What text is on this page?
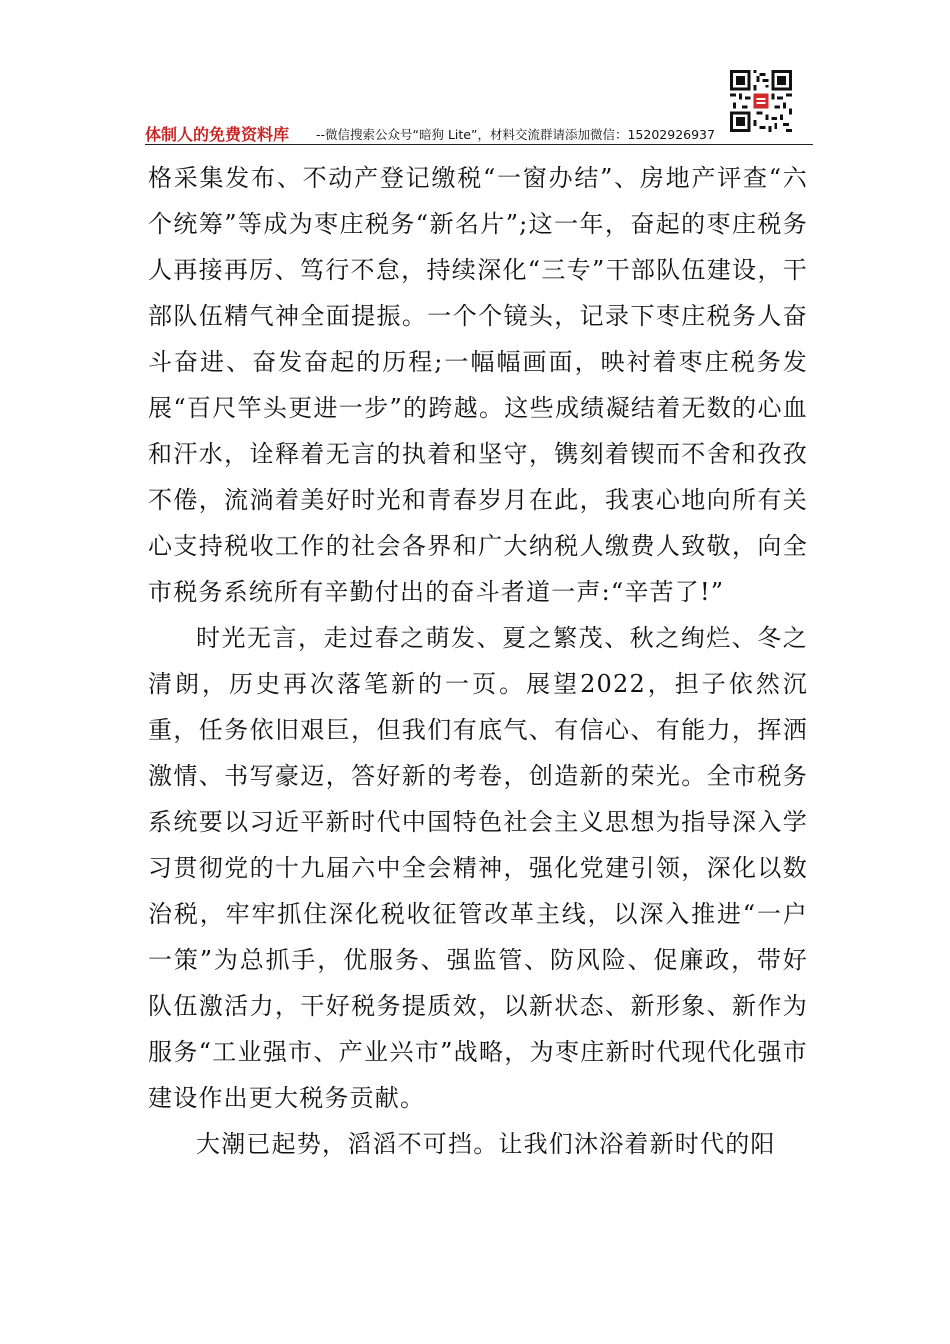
体制人的免费资料库 --微信搜索公众号“暗狗 Lite”，材料交流群请添加微信：15202926937

格采集发布、不动产登记缴税“一窗办结”、房地产评查“六个统筹”等成为枣庄税务“新名片”;这一年，奋起的枣庄税务人再接再厉、笃行不怠，持续深化“三专”干部队伍建设，干部队伍精气神全面提振。一个个镜头，记录下枣庄税务人奋斗奋进、奋发奋起的历程;一幅幅画面，映衬着枣庄税务发展“百尺竿头更进一步”的跨越。这些成绩凝结着无数的心血和汗水，诠释着无言的执着和坚守，镌刻着锲而不舍和孜孜不倦，流淌着美好时光和青春岁月在此，我衷心地向所有关心支持税收工作的社会各界和广大纳税人缴费人致敬，向全市税务系统所有辛勤付出的奋斗者道一声:“辛苦了!”

时光无言，走过春之萌发、夏之繁茂、秋之绚烂、冬之清朗，历史再次落笔新的一页。展望2022，担子依然沉重，任务依旧艰巨，但我们有底气、有信心、有能力，挥洒激情、书写豪迈，答好新的考卷，创造新的荣光。全市税务系统要以习近平新时代中国特色社会主义思想为指导深入学习贯彻党的十九届六中全会精神，强化党建引领，深化以数治税，牢牢抓住深化税收征管改革主线，以深入推进“一户一策”为总抓手，优服务、强监管、防风险、促廉政，带好队伍激活力，干好税务提质效，以新状态、新形象、新作为服务“工业强市、产业兴市”战略，为枣庄新时代现代化强市建设作出更大税务贡献。

大潮已起势，滔滔不可挡。让我们沐浴着新时代的阳
